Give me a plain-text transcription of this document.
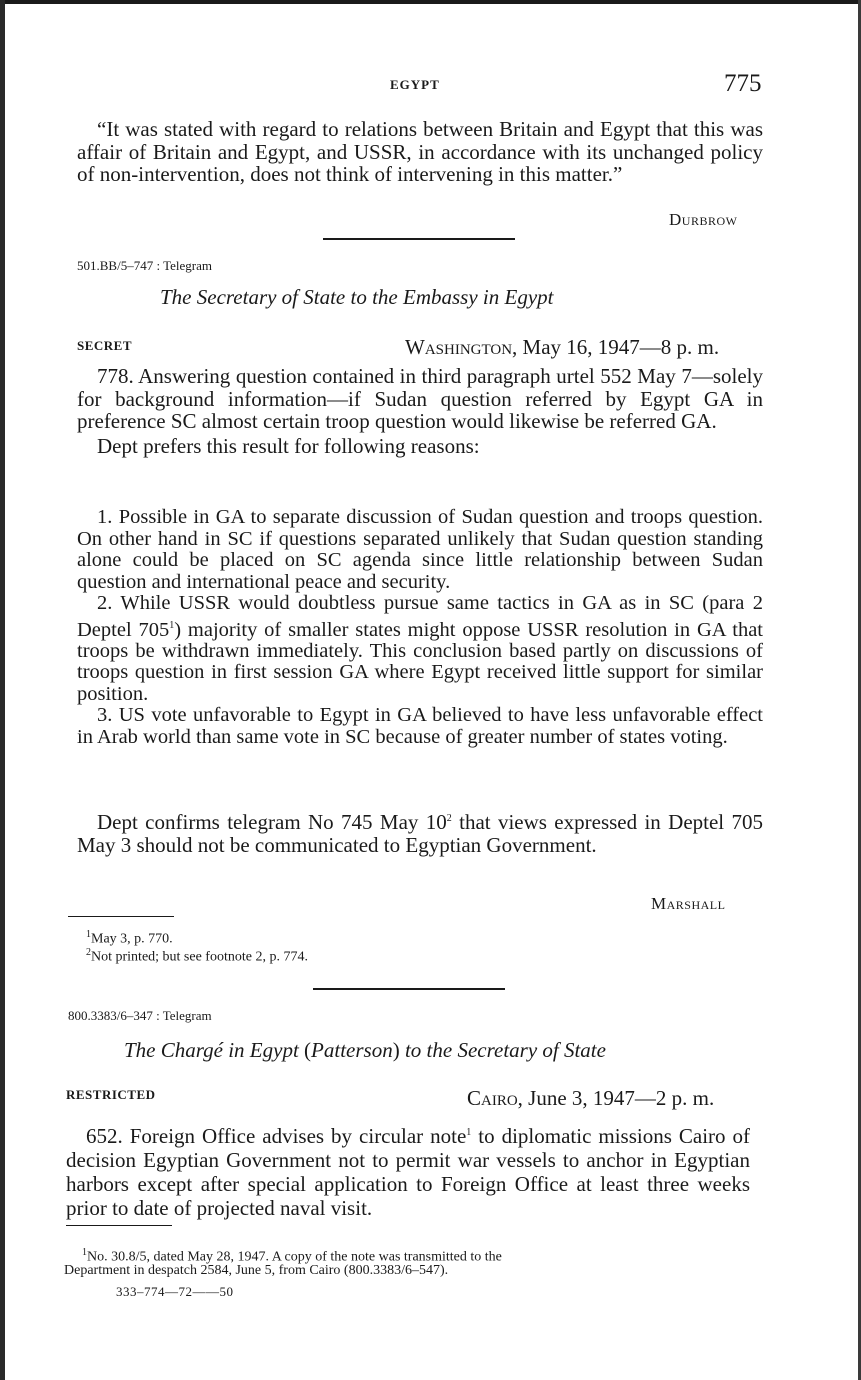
EGYPT	775

“It was stated with regard to relations between Britain and Egypt that this was affair of Britain and Egypt, and USSR, in accordance with its unchanged policy of non-intervention, does not think of intervening in this matter.”

Durbrow
501.BB/5–747 : Telegram
The Secretary of State to the Embassy in Egypt
SECRET	Washington, May 16, 1947—8 p. m.

778. Answering question contained in third paragraph urtel 552 May 7—solely for background information—if Sudan question referred by Egypt GA in preference SC almost certain troop question would likewise be referred GA.

Dept prefers this result for following reasons:

1. Possible in GA to separate discussion of Sudan question and troops question. On other hand in SC if questions separated unlikely that Sudan question standing alone could be placed on SC agenda since little relationship between Sudan question and international peace and security.

2. While USSR would doubtless pursue same tactics in GA as in SC (para 2 Deptel $705^1$) majority of smaller states might oppose USSR resolution in GA that troops be withdrawn immediately. This conclusion based partly on discussions of troops question in first session GA where Egypt received little support for similar position.

3. US vote unfavorable to Egypt in GA believed to have less unfavorable effect in Arab world than same vote in SC because of greater number of states voting.

Dept confirms telegram No 745 May $10^2$ that views expressed in Deptel 705 May 3 should not be communicated to Egyptian Government.

Marshall
$^1$May 3, p. 770.
$^2$Not printed; but see footnote 2, p. 774.
800.3383/6–347 : Telegram
The Chargé in Egypt (Patterson) to the Secretary of State
RESTRICTED	Cairo, June 3, 1947—2 p. m.

652. Foreign Office advises by circular note$^1$ to diplomatic missions Cairo of decision Egyptian Government not to permit war vessels to anchor in Egyptian harbors except after special application to Foreign Office at least three weeks prior to date of projected naval visit.

$^1$No. 30.8/5, dated May 28, 1947. A copy of the note was transmitted to the
Department in despatch 2584, June 5, from Cairo (800.3383/6–547).
333–774—72——50
